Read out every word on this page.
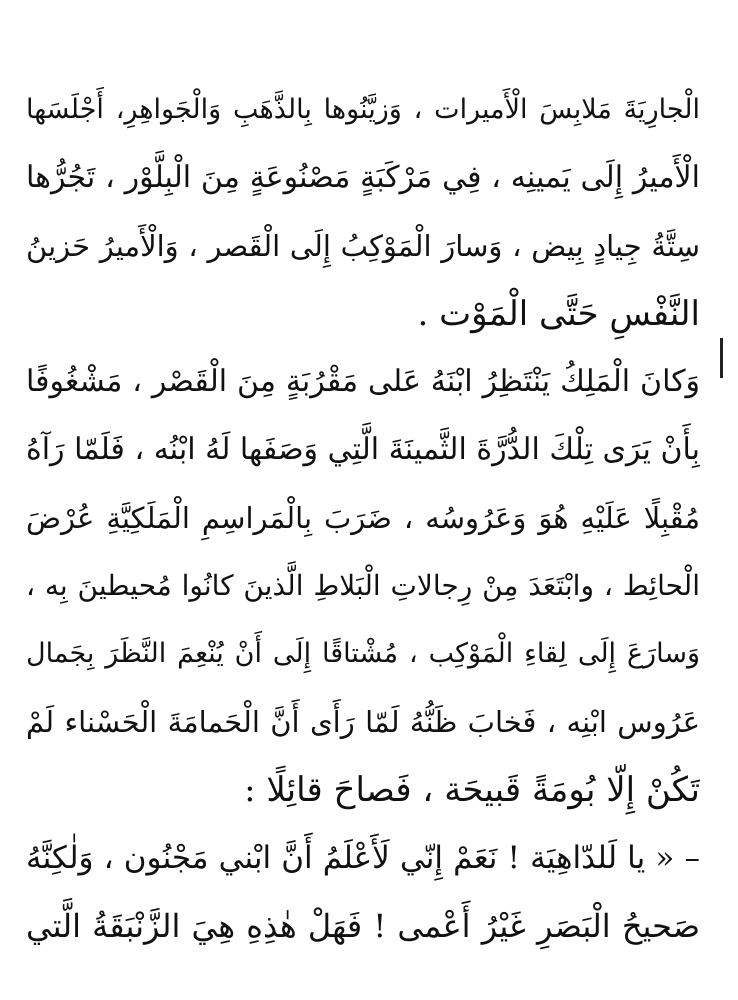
الْجارِيَةَ مَلابِسَ الْأَميرات ، وَزيَّنُوها بِالذَّهَبِ وَالْجَواهِرِ، أَجْلَسَها
الْأَميرُ إِلَى يَمينِه ، فِي مَرْكَبَةٍ مَصْنُوعَةٍ مِنَ الْبِلَّوْر ، تَجُرُّها
سِتَّةُ جِيادٍ بِيض ، وَسارَ الْمَوْكِبُ إِلَى الْقَصر ، وَالْأَميرُ حَزينُ
النَّفْسِ حَتَّى الْمَوْت .
وَكانَ الْمَلِكُ يَنْتَظِرُ ابْنَهُ عَلى مَقْرُبَةٍ مِنَ الْقَصْر ، مَشْغُوفًا
بِأَنْ يَرَى تِلْكَ الدُّرَّةَ الثَّمينَةَ الَّتِي وَصَفَها لَهُ ابْنُه ، فَلَمّا رَآهُ
مُقْبِلًا عَلَيْهِ هُوَ وَعَرُوسُه ، ضَرَبَ بِالْمَراسِمِ الْمَلَكِيَّةِ عُرْضَ
الْحائِط ، وابْتَعَدَ مِنْ رِجالاتِ الْبَلاطِ الَّذينَ كانُوا مُحيطينَ بِه ،
وَسارَعَ إِلَى لِقاءِ الْمَوْكِب ، مُشْتاقًا إِلَى أَنْ يُنْعِمَ النَّظَرَ بِجَمال
عَرُوس ابْنِه ، فَخابَ ظَنُّهُ لَمّا رَأَى أَنَّ الْحَمامَةَ الْحَسْناء لَمْ
تَكُنْ إِلّا بُومَةً قَبيحَة ، فَصاحَ قائِلًا :
– « يا لَلدّاهِيَة ! نَعَمْ إِنّي لَأَعْلَمُ أَنَّ ابْني مَجْنُون ، وَلٰكِنَّهُ
صَحيحُ الْبَصَرِ غَيْرُ أَعْمى ! فَهَلْ هٰذِهِ هِيَ الزَّنْبَقَةُ الَّتي
